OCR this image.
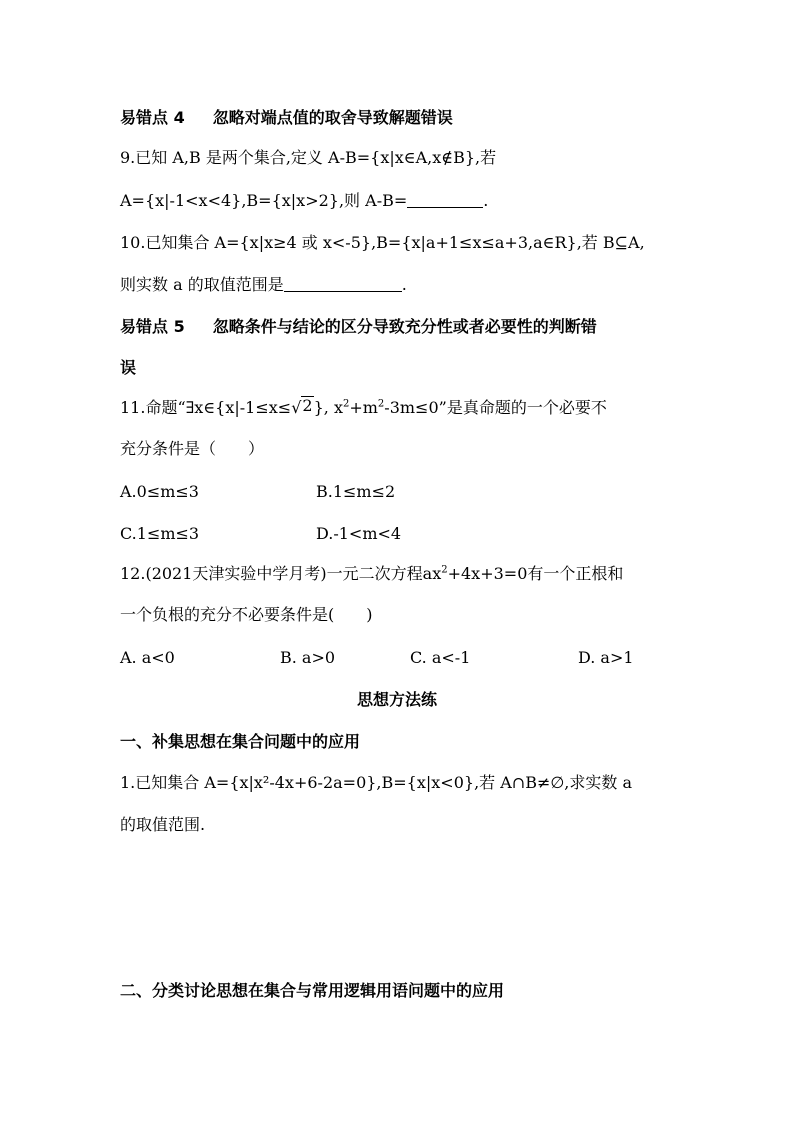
易错点 4 忽略对端点值的取舍导致解题错误
9.已知 A,B 是两个集合,定义 A-B={x|x∈A,x∉B},若
A={x|-1<x<4},B={x|x>2},则 A-B=	.
10.已知集合 A={x|x≥4 或 x<-5},B={x|a+1≤x≤a+3,a∈R},若 B⊆A,
则实数 a 的取值范围是	.
易错点 5 忽略条件与结论的区分导致充分性或者必要性的判断错
误
11.命题“∃x∈{x|-1≤x≤ √ 2 }, $x^2+m^2-3m\le 0$”是真命题的一个必要不
充分条件是（　　）
A.0≤m≤3	B.1≤m≤2
C.1≤m≤3	D.-1<m<4
12.(2021天津实验中学月考)一元二次方程$ax^2+4x+3=0$有一个正根和
一个负根的充分不必要条件是(　　)
A. a<0	B. a>0	C. a<-1	D. a>1
思想方法练
一、补集思想在集合问题中的应用
1.已知集合 A={x|x²-4x+6-2a=0},B={x|x<0},若 A∩B≠∅,求实数 a
的取值范围.
二、分类讨论思想在集合与常用逻辑用语问题中的应用
